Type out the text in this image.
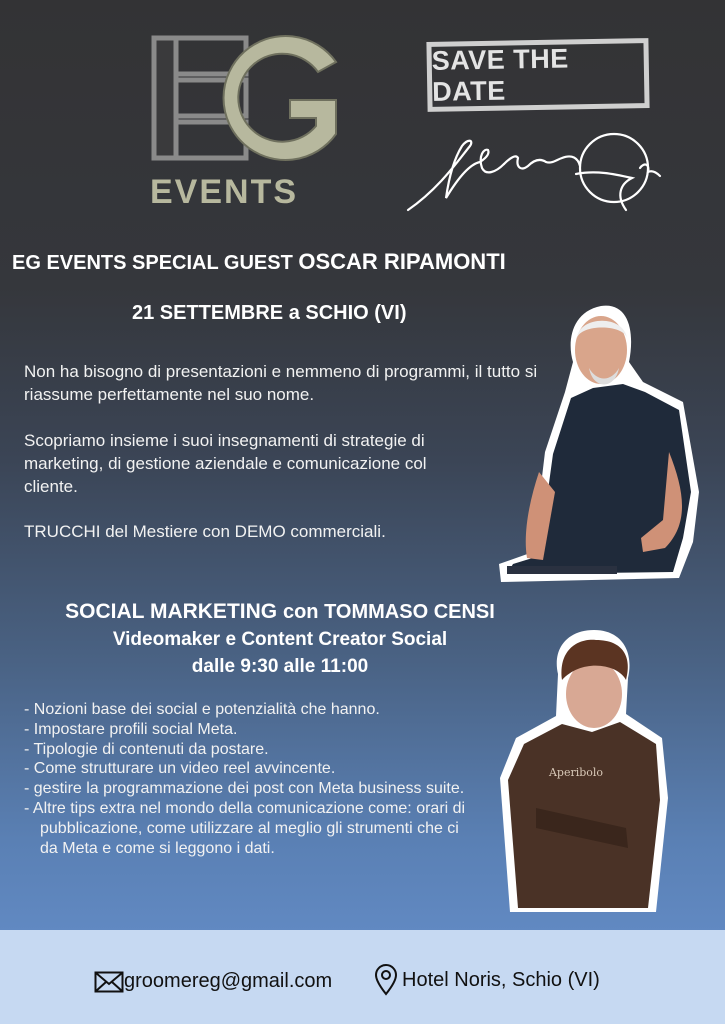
EVENTS
SAVE THE DATE
EG EVENTS SPECIAL GUEST OSCAR RIPAMONTI
21 SETTEMBRE a SCHIO (VI)
Non ha bisogno di presentazioni e nemmeno di programmi, il tutto si riassume perfettamente nel suo nome.
Scopriamo insieme i suoi insegnamenti di strategie di marketing, di gestione aziendale e comunicazione col cliente.
TRUCCHI del Mestiere con DEMO commerciali.
SOCIAL MARKETING con TOMMASO CENSI
Videomaker e Content Creator Social
dalle 9:30 alle 11:00
- Nozioni base dei social e potenzialità che hanno.
- Impostare profili social Meta.
- Tipologie di contenuti da postare.
- Come strutturare un video reel avvincente.
- gestire la programmazione dei post con Meta business suite.
- Altre tips extra nel mondo della comunicazione come: orari di pubblicazione, come utilizzare al meglio gli strumenti che ci da Meta e come si leggono i dati.
Aperibolo
groomereg@gmail.com	Hotel Noris, Schio (VI)
